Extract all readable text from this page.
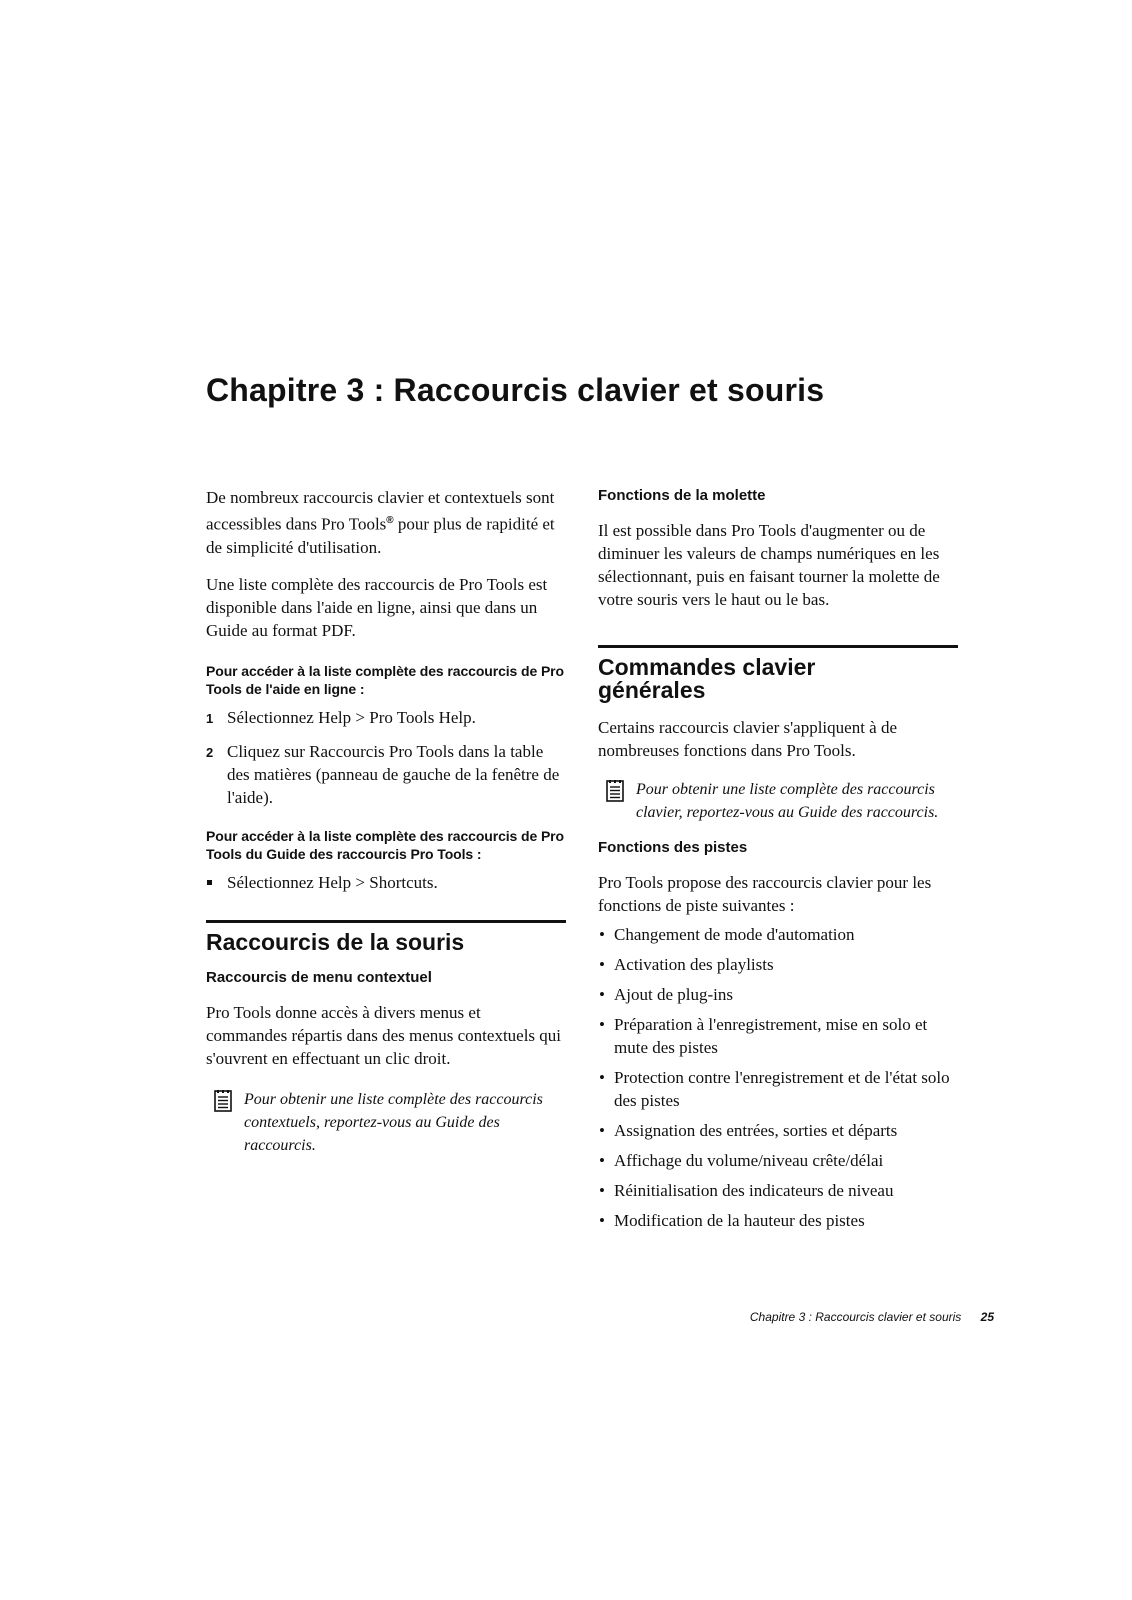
Chapitre 3 : Raccourcis clavier et souris

De nombreux raccourcis clavier et contextuels sont accessibles dans Pro Tools® pour plus de rapidité et de simplicité d'utilisation.

Une liste complète des raccourcis de Pro Tools est disponible dans l'aide en ligne, ainsi que dans un Guide au format PDF.

Pour accéder à la liste complète des raccourcis de Pro Tools de l'aide en ligne :

1 Sélectionnez Help > Pro Tools Help.
2 Cliquez sur Raccourcis Pro Tools dans la table des matières (panneau de gauche de la fenêtre de l'aide).

Pour accéder à la liste complète des raccourcis de Pro Tools du Guide des raccourcis Pro Tools :

Sélectionnez Help > Shortcuts.
Raccourcis de la souris

Raccourcis de menu contextuel

Pro Tools donne accès à divers menus et commandes répartis dans des menus contextuels qui s'ouvrent en effectuant un clic droit.

Pour obtenir une liste complète des raccourcis contextuels, reportez-vous au Guide des raccourcis.

Fonctions de la molette

Il est possible dans Pro Tools d'augmenter ou de diminuer les valeurs de champs numériques en les sélectionnant, puis en faisant tourner la molette de votre souris vers le haut ou le bas.

Commandes clavier générales

Certains raccourcis clavier s'appliquent à de nombreuses fonctions dans Pro Tools.

Pour obtenir une liste complète des raccourcis clavier, reportez-vous au Guide des raccourcis.

Fonctions des pistes

Pro Tools propose des raccourcis clavier pour les fonctions de piste suivantes :

• Changement de mode d'automation
• Activation des playlists
• Ajout de plug-ins
• Préparation à l'enregistrement, mise en solo et mute des pistes
• Protection contre l'enregistrement et de l'état solo des pistes
• Assignation des entrées, sorties et départs
• Affichage du volume/niveau crête/délai
• Réinitialisation des indicateurs de niveau
• Modification de la hauteur des pistes
Chapitre 3 : Raccourcis clavier et souris 25
